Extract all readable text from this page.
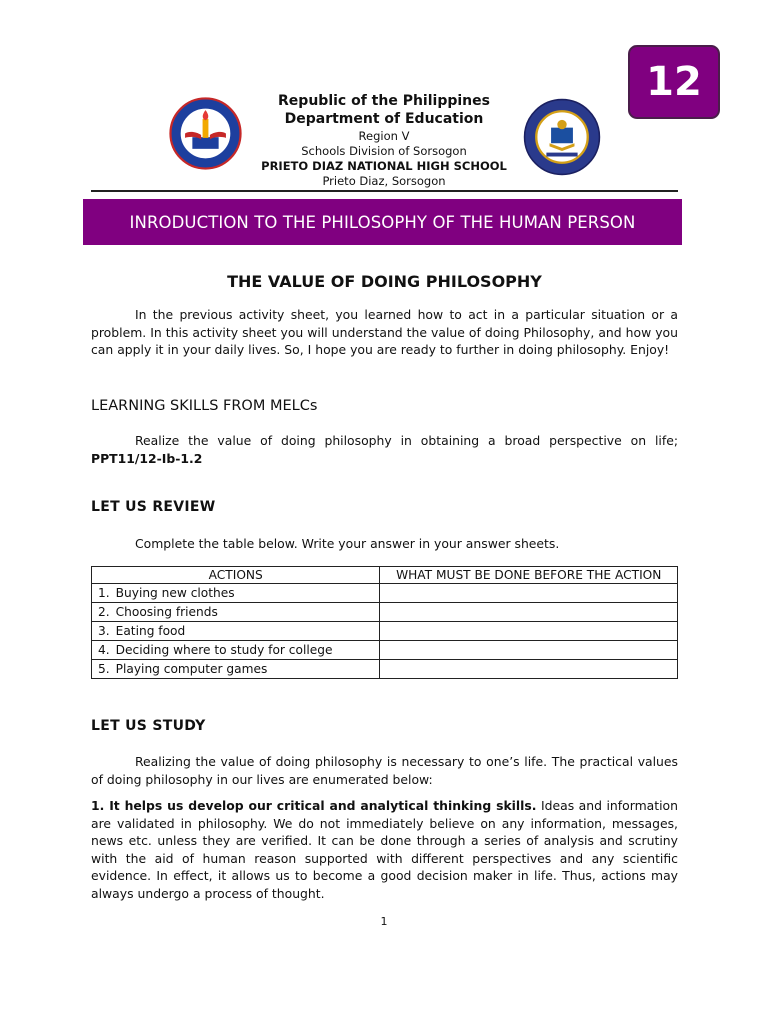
12
Republic of the Philippines
Department of Education
Region V
Schools Division of Sorsogon
PRIETO DIAZ NATIONAL HIGH SCHOOL
Prieto Diaz, Sorsogon
INRODUCTION TO THE PHILOSOPHY OF THE HUMAN PERSON
THE VALUE OF DOING PHILOSOPHY

In the previous activity sheet, you learned how to act in a particular situation or a problem. In this activity sheet you will understand the value of doing Philosophy, and how you can apply it in your daily lives. So, I hope you are ready to further in doing philosophy. Enjoy!

LEARNING SKILLS FROM MELCs

Realize the value of doing philosophy in obtaining a broad perspective on life; PPT11/12-Ib-1.2

LET US REVIEW
Complete the table below. Write your answer in your answer sheets.
ACTIONS		WHAT MUST BE DONE BEFORE THE ACTION
1.	Buying new clothes	
2.	Choosing friends	
3.	Eating food	
4.	Deciding where to study for college	
5.	Playing computer games	
LET US STUDY

Realizing the value of doing philosophy is necessary to one’s life. The practical values of doing philosophy in our lives are enumerated below:

1. It helps us develop our critical and analytical thinking skills. Ideas and information are validated in philosophy. We do not immediately believe on any information, messages, news etc. unless they are verified. It can be done through a series of analysis and scrutiny with the aid of human reason supported with different perspectives and any scientific evidence. In effect, it allows us to become a good decision maker in life. Thus, actions may always undergo a process of thought.

1
